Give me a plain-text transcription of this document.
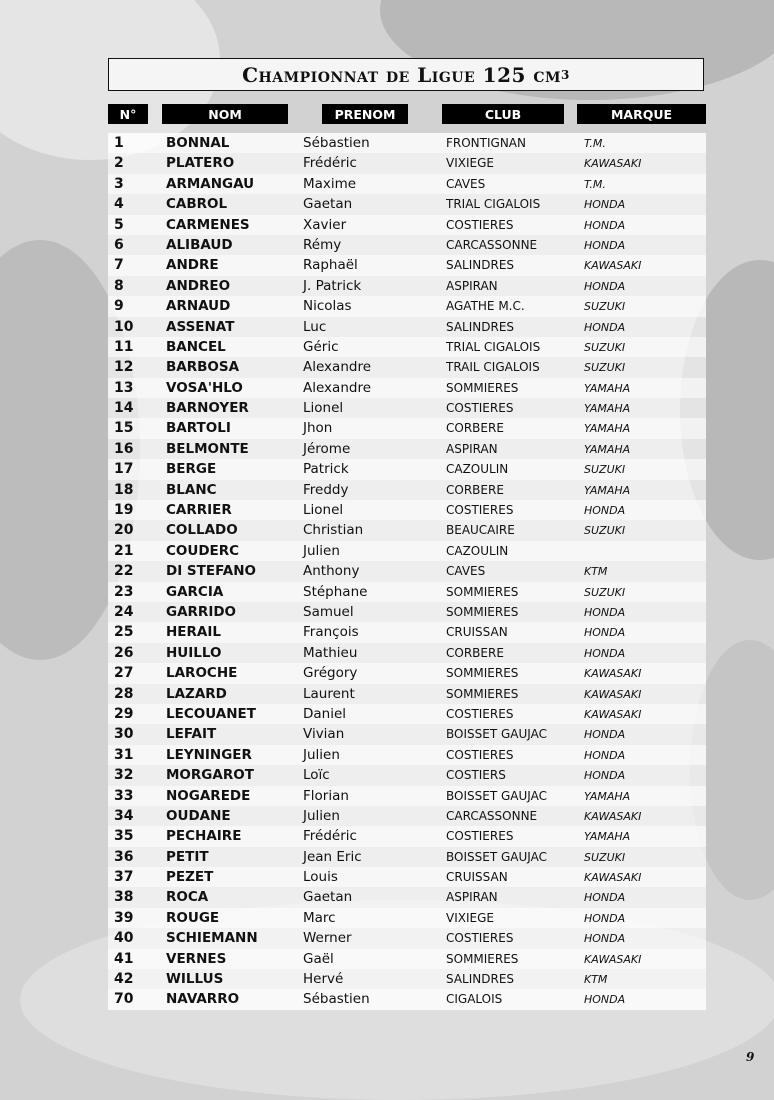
Championnat de Ligue 125 cm 3
N°	NOM	PRENOM	CLUB	MARQUE
1	BONNAL	Sébastien	FRONTIGNAN	T.M.
2	PLATERO	Frédéric	VIXIEGE	KAWASAKI
3	ARMANGAU	Maxime	CAVES	T.M.
4	CABROL	Gaetan	TRIAL CIGALOIS	HONDA
5	CARMENES	Xavier	COSTIERES	HONDA
6	ALIBAUD	Rémy	CARCASSONNE	HONDA
7	ANDRE	Raphaël	SALINDRES	KAWASAKI
8	ANDREO	J. Patrick	ASPIRAN	HONDA
9	ARNAUD	Nicolas	AGATHE M.C.	SUZUKI
10	ASSENAT	Luc	SALINDRES	HONDA
11	BANCEL	Géric	TRIAL CIGALOIS	SUZUKI
12	BARBOSA	Alexandre	TRAIL CIGALOIS	SUZUKI
13	VOSA'HLO	Alexandre	SOMMIERES	YAMAHA
14	BARNOYER	Lionel	COSTIERES	YAMAHA
15	BARTOLI	Jhon	CORBERE	YAMAHA
16	BELMONTE	Jérome	ASPIRAN	YAMAHA
17	BERGE	Patrick	CAZOULIN	SUZUKI
18	BLANC	Freddy	CORBERE	YAMAHA
19	CARRIER	Lionel	COSTIERES	HONDA
20	COLLADO	Christian	BEAUCAIRE	SUZUKI
21	COUDERC	Julien	CAZOULIN
22	DI STEFANO	Anthony	CAVES	KTM
23	GARCIA	Stéphane	SOMMIERES	SUZUKI
24	GARRIDO	Samuel	SOMMIERES	HONDA
25	HERAIL	François	CRUISSAN	HONDA
26	HUILLO	Mathieu	CORBERE	HONDA
27	LAROCHE	Grégory	SOMMIERES	KAWASAKI
28	LAZARD	Laurent	SOMMIERES	KAWASAKI
29	LECOUANET	Daniel	COSTIERES	KAWASAKI
30	LEFAIT	Vivian	BOISSET GAUJAC	HONDA
31	LEYNINGER	Julien	COSTIERES	HONDA
32	MORGAROT	Loïc	COSTIERS	HONDA
33	NOGAREDE	Florian	BOISSET GAUJAC	YAMAHA
34	OUDANE	Julien	CARCASSONNE	KAWASAKI
35	PECHAIRE	Frédéric	COSTIERES	YAMAHA
36	PETIT	Jean Eric	BOISSET GAUJAC	SUZUKI
37	PEZET	Louis	CRUISSAN	KAWASAKI
38	ROCA	Gaetan	ASPIRAN	HONDA
39	ROUGE	Marc	VIXIEGE	HONDA
40	SCHIEMANN	Werner	COSTIERES	HONDA
41	VERNES	Gaël	SOMMIERES	KAWASAKI
42	WILLUS	Hervé	SALINDRES	KTM
70	NAVARRO	Sébastien	CIGALOIS	HONDA
9
